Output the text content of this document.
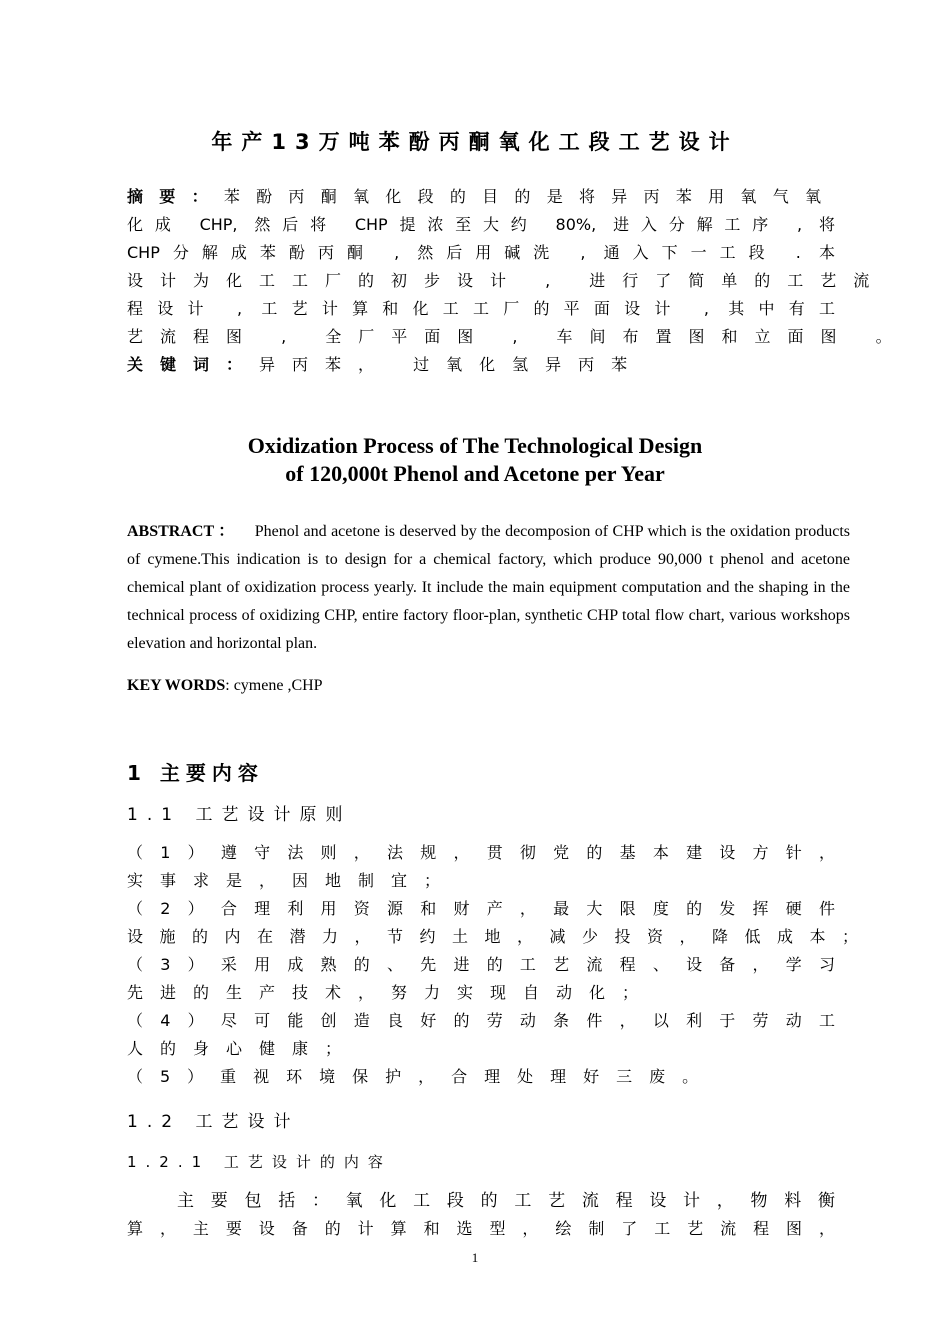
年产13万吨苯酚丙酮氧化工段工艺设计
摘要：苯酚丙酮氧化段的目的是将异丙苯用氧气氧
化成 CHP, 然后将 CHP提浓至大约 80%, 进入分解工序 , 将
CHP分解成苯酚丙酮 , 然后用碱洗 , 通入下一工段 . 本
设计为化工工厂的初步设计 , 进行了简单的工艺流
程设计 , 工艺计算和化工工厂的平面设计 , 其中有工
艺流程图 , 全厂平面图 , 车间布置图和立面图 。
关键词：异丙苯， 过氧化氢异丙苯
Oxidization Process of The Technological Design
of 120,000t Phenol and Acetone per Year
ABSTRACT ： Phenol and acetone is deserved by the decomposion of CHP which is the oxidation products of cymene.This indication is to design for a chemical factory, which produce 90,000 t phenol and acetone chemical plant of oxidization process yearly. It include the main equipment computation and the shaping in the technical process of oxidizing CHP, entire factory floor-plan, synthetic CHP total flow chart, various workshops elevation and horizontal plan.
KEY WORDS: cymene ,CHP
1 主要内容
1.1 工艺设计原则
（1）遵守法则，法规，贯彻党的基本建设方针，
实事求是，因地制宜；
（2）合理利用资源和财产，最大限度的发挥硬件
设施的内在潜力，节约土地，减少投资，降低成本；
（3）采用成熟的、先进的工艺流程、设备，学习
先进的生产技术，努力实现自动化；
（4）尽可能创造良好的劳动条件，以利于劳动工
人的身心健康；
（5）重视环境保护，合理处理好三废。
1.2 工艺设计
1.2.1 工艺设计的内容
主要包括：氧化工段的工艺流程设计，物料衡
算，主要设备的计算和选型，绘制了工艺流程图，
1
